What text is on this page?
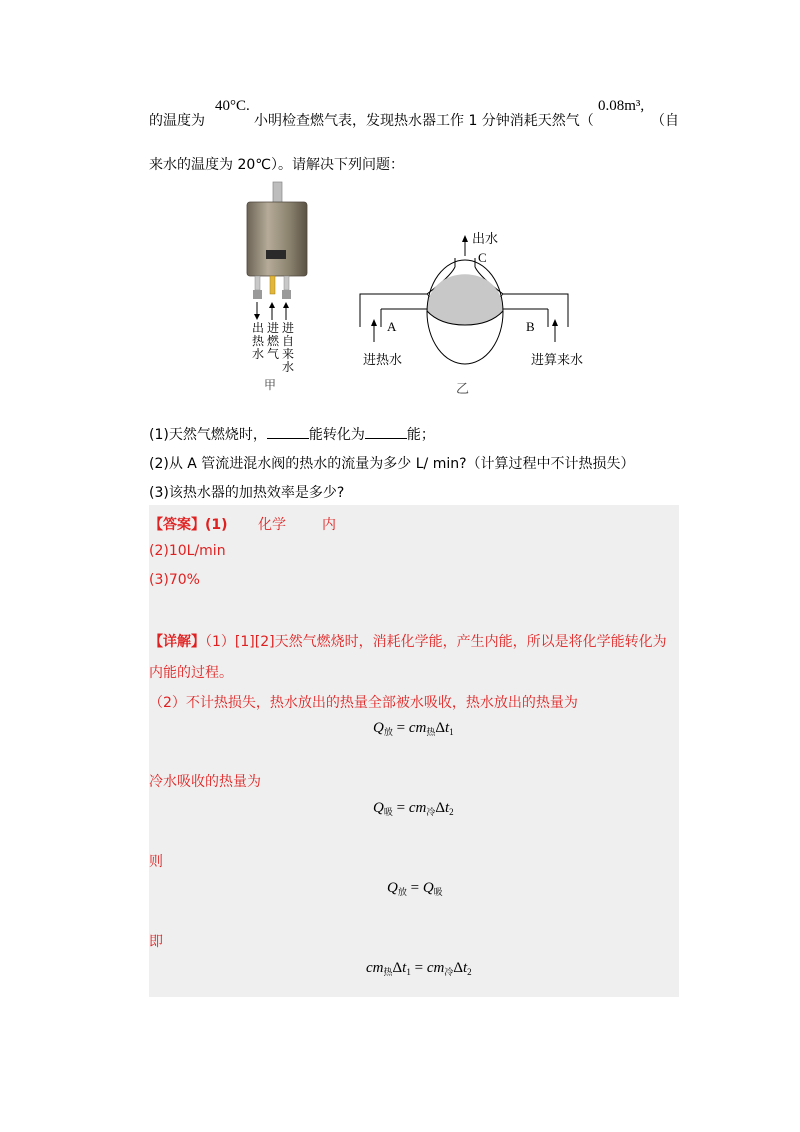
的温度为
40°C.
小明检查燃气表，发现热水器工作 1 分钟消耗天然气（
0.08m³,
（自
来水的温度为 20℃）。请解决下列问题：
出热水
进燃气
进自来水
甲
出水
C
A	B
进热水	进算来水
乙
(1)天然气燃烧时，	能转化为	能；
(2)从 A 管流进混水阀的热水的流量为多少 L/ min?（计算过程中不计热损失）
(3)该热水器的加热效率是多少?
【答案】(1) 化学	内
(2)10L/min
(3)70%
【详解】（1）[1][2]天然气燃烧时，消耗化学能，产生内能，所以是将化学能转化为
内能的过程。
（2）不计热损失，热水放出的热量全部被水吸收，热水放出的热量为
$Q_放 = cm_热\Delta t_1$
冷水吸收的热量为
$Q_吸 = cm_冷\Delta t_2$
则
$Q_放 = Q_吸$
即
$cm_热\Delta t_1 = cm_冷\Delta t_2$
